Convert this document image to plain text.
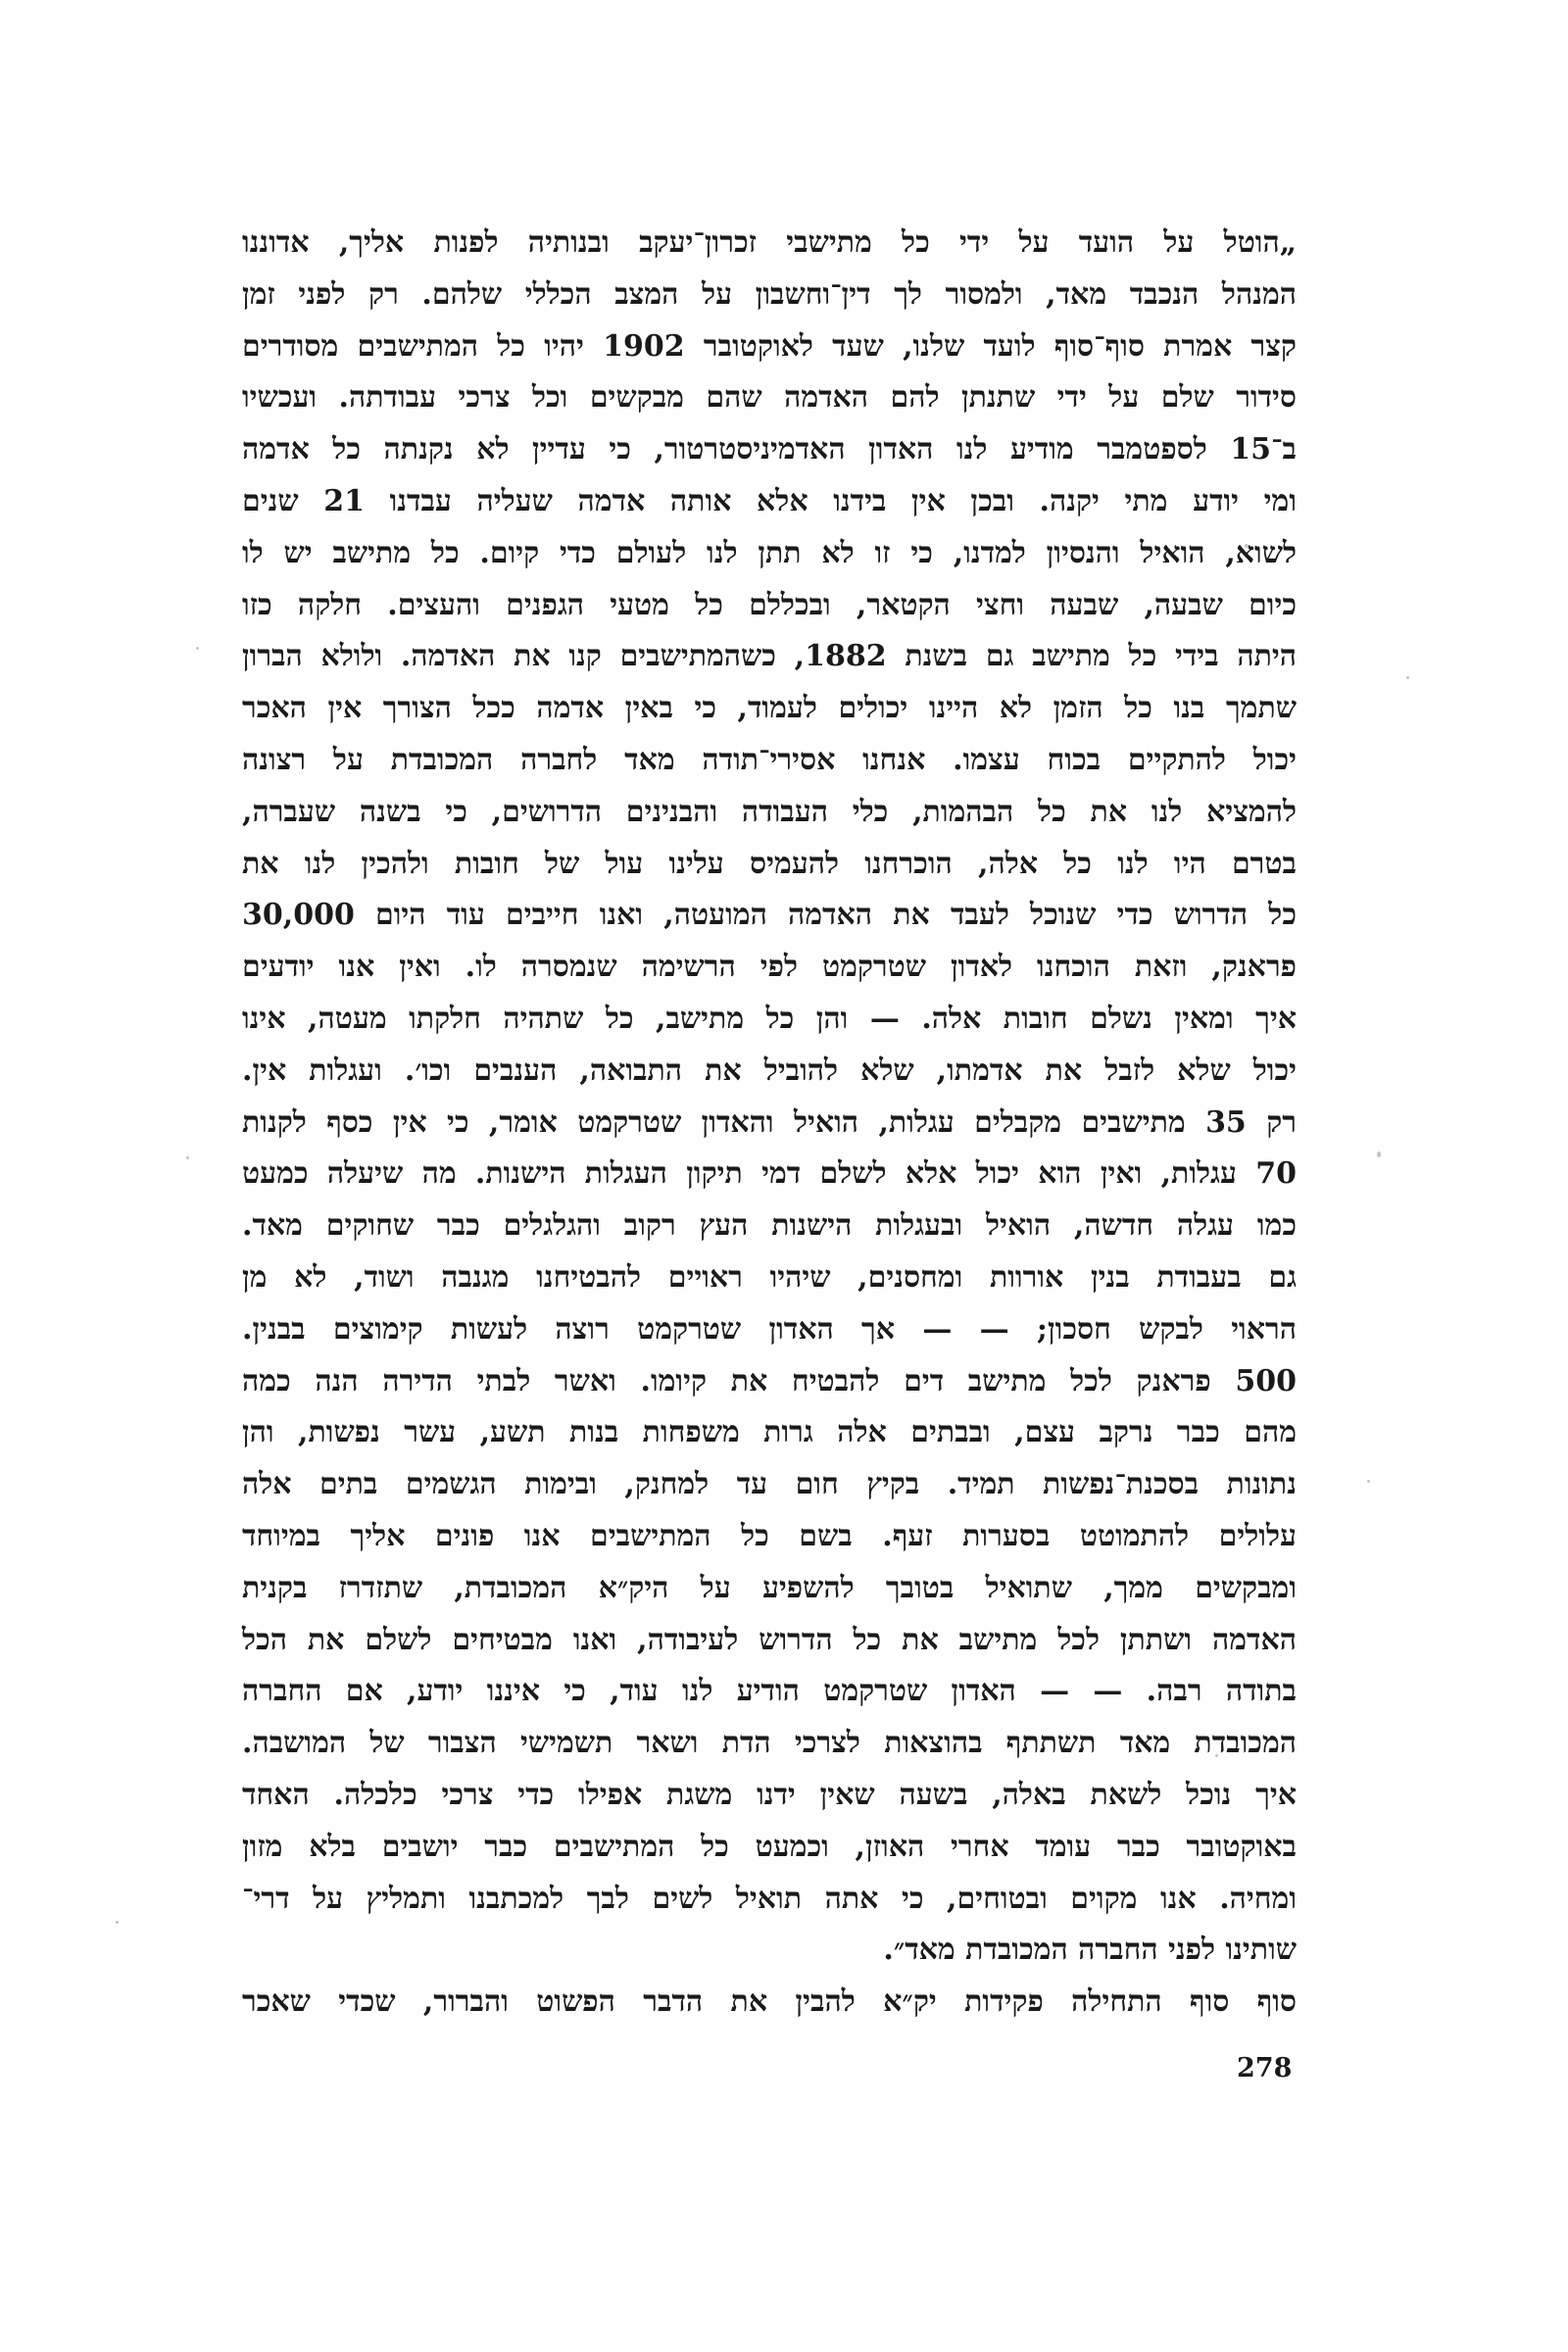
„הוטל על הועד על ידי כל מתישבי זכרון־יעקב ובנותיה לפנות אליך, אדוננו
המנהל הנכבד מאד, ולמסור לך דין־וחשבון על המצב הכללי שלהם. רק לפני זמן
קצר אמרת סוף־סוף לועד שלנו, שעד לאוקטובר 1902 יהיו כל המתישבים מסודרים
סידור שלם על ידי שתנתן להם האדמה שהם מבקשים וכל צרכי עבודתה. ועכשיו
ב־15 לספטמבר מודיע לנו האדון האדמיניסטרטור, כי עדיין לא נקנתה כל אדמה
ומי יודע מתי יקנה. ובכן אין בידנו אלא אותה אדמה שעליה עבדנו 21 שנים
לשוא, הואיל והנסיון למדנו, כי זו לא תתן לנו לעולם כדי קיום. כל מתישב יש לו
כיום שבעה, שבעה וחצי הקטאר, ובכללם כל מטעי הגפנים והעצים. חלקה כזו
היתה בידי כל מתישב גם בשנת 1882, כשהמתישבים קנו את האדמה. ולולא הברון
שתמך בנו כל הזמן לא היינו יכולים לעמוד, כי באין אדמה ככל הצורך אין האכר
יכול להתקיים בכוח עצמו. אנחנו אסירי־תודה מאד לחברה המכובדת על רצונה
להמציא לנו את כל הבהמות, כלי העבודה והבנינים הדרושים, כי בשנה שעברה,
בטרם היו לנו כל אלה, הוכרחנו להעמיס עלינו עול של חובות ולהכין לנו את
כל הדרוש כדי שנוכל לעבד את האדמה המועטה, ואנו חייבים עוד היום 30,000
פראנק, וזאת הוכחנו לאדון שטרקמט לפי הרשימה שנמסרה לו. ואין אנו יודעים
איך ומאין נשלם חובות אלה. — והן כל מתישב, כל שתהיה חלקתו מעטה, אינו
יכול שלא לזבל את אדמתו, שלא להוביל את התבואה, הענבים וכו׳. ועגלות אין.
רק 35 מתישבים מקבלים עגלות, הואיל והאדון שטרקמט אומר, כי אין כסף לקנות
70 עגלות, ואין הוא יכול אלא לשלם דמי תיקון העגלות הישנות. מה שיעלה כמעט
כמו עגלה חדשה, הואיל ובעגלות הישנות העץ רקוב והגלגלים כבר שחוקים מאד.
גם בעבודת בנין אורוות ומחסנים, שיהיו ראויים להבטיחנו מגנבה ושוד, לא מן
הראוי לבקש חסכון; — — אך האדון שטרקמט רוצה לעשות קימוצים בבנין.
500 פראנק לכל מתישב דים להבטיח את קיומו. ואשר לבתי הדירה הנה כמה
מהם כבר נרקב עצם, ובבתים אלה גרות משפחות בנות תשע, עשר נפשות, והן
נתונות בסכנת־נפשות תמיד. בקיץ חום עד למחנק, ובימות הגשמים בתים אלה
עלולים להתמוטט בסערות זעף. בשם כל המתישבים אנו פונים אליך במיוחד
ומבקשים ממך, שתואיל בטובך להשפיע על היק״א המכובדת, שתזדרז בקנית
האדמה ושתתן לכל מתישב את כל הדרוש לעיבודה, ואנו מבטיחים לשלם את הכל
בתודה רבה. — — האדון שטרקמט הודיע לנו עוד, כי איננו יודע, אם החברה
המכובדת מאד תשתתף בהוצאות לצרכי הדת ושאר תשמישי הצבור של המושבה.
איך נוכל לשאת באלה, בשעה שאין ידנו משגת אפילו כדי צרכי כלכלה. האחד
באוקטובר כבר עומד אחרי האוזן, וכמעט כל המתישבים כבר יושבים בלא מזון
ומחיה. אנו מקוים ובטוחים, כי אתה תואיל לשים לבך למכתבנו ותמליץ על דרי־
שותינו לפני החברה המכובדת מאד״.
סוף סוף התחילה פקידות יק״א להבין את הדבר הפשוט והברור, שכדי שאכר
278
